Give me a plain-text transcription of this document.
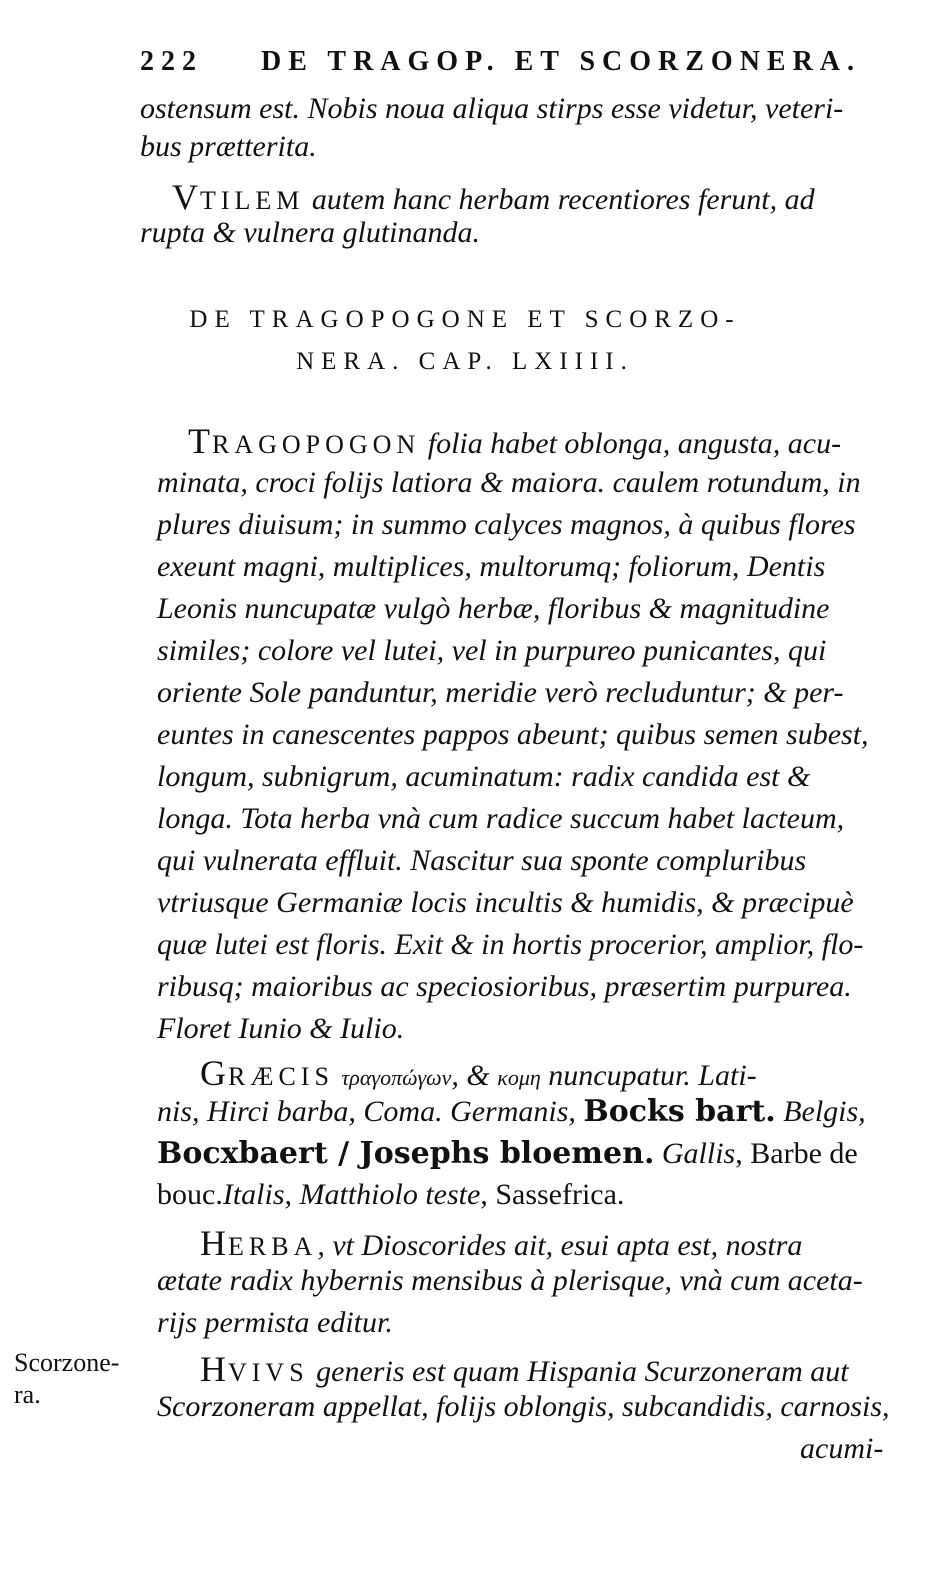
222 DE TRAGOP. ET SCORZONERA.
ostensum est. Nobis noua aliqua stirps esse videtur, veteri-
bus prætterita.
VTILEM autem hanc herbam recentiores ferunt, ad
rupta & vulnera glutinanda.
DE TRAGOPOGONE ET SCORZO-
NERA. CAP. LXIIII.
TRAGOPOGON folia habet oblonga, angusta, acu-
minata, croci folijs latiora & maiora. caulem rotundum, in
plures diuisum; in summo calyces magnos, à quibus flores
exeunt magni, multiplices, multorumq; foliorum, Dentis
Leonis nuncupatæ vulgò herbæ, floribus & magnitudine
similes; colore vel lutei, vel in purpureo punicantes, qui
oriente Sole panduntur, meridie verò recluduntur; & per-
euntes in canescentes pappos abeunt; quibus semen subest,
longum, subnigrum, acuminatum: radix candida est &
longa. Tota herba vnà cum radice succum habet lacteum,
qui vulnerata effluit. Nascitur sua sponte compluribus
vtriusque Germaniæ locis incultis & humidis, & præcipuè
quæ lutei est floris. Exit & in hortis procerior, amplior, flo-
ribusq; maioribus ac speciosioribus, præsertim purpurea.
Floret Iunio & Iulio.
GRÆCIS τραγοπώγων, & κομη nuncupatur. Lati-
nis, Hirci barba, Coma. Germanis, Bocks bart. Belgis,
Bocxbaert / Josephs bloemen. Gallis, Barbe de
bouc.Italis, Matthiolo teste, Sassefrica.
HERBA, vt Dioscorides ait, esui apta est, nostra
ætate radix hybernis mensibus à plerisque, vnà cum aceta-
rijs permista editur.
HVIVS generis est quam Hispania Scurzoneram aut
Scorzoneram appellat, folijs oblongis, subcandidis, carnosis,
acumi-
Scorzone-
ra.
